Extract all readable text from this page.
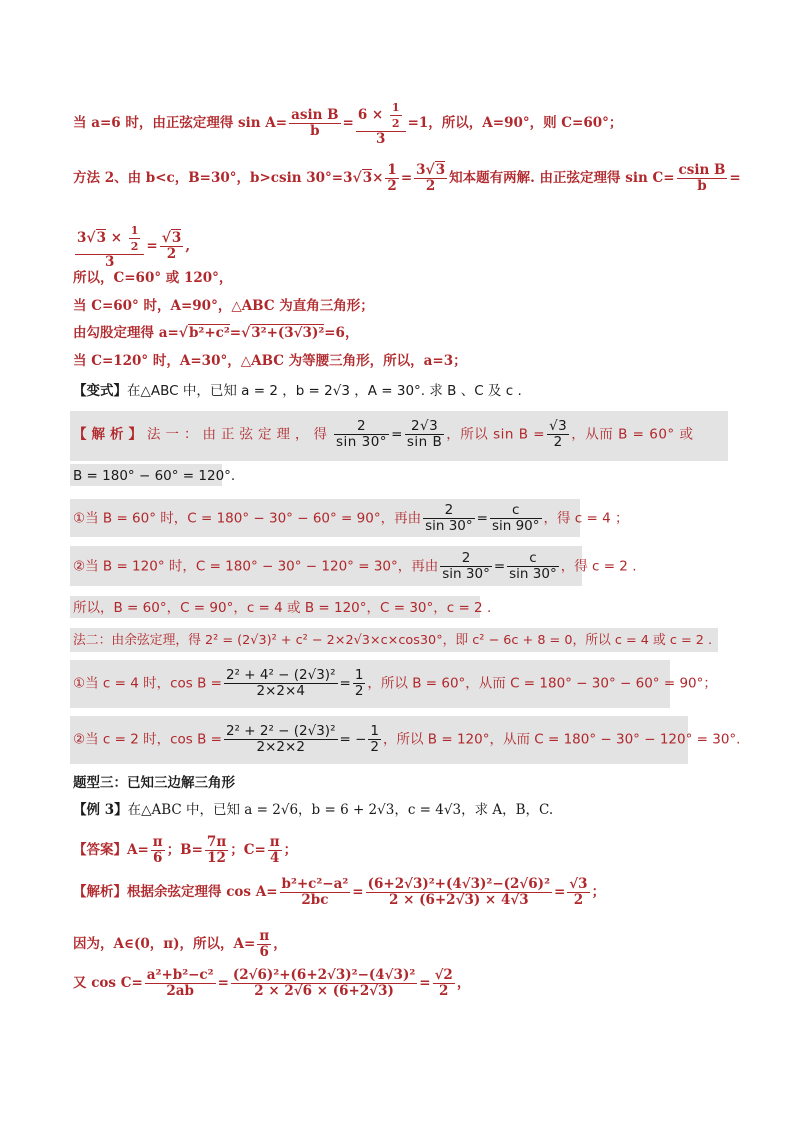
当 a=6 时，由正弦定理得 $\sin A= \frac{\text{asin B}}{b} = \frac{6 \times \frac{1}{2}}{3} =1$，所以，A=90°，则 C=60°；
方法 2、由 b<c，B=30°，b>csin $30^\circ=3√3\times \frac{1}{2} = \frac{3√3}{2}$ 知本题有两解. 由正弦定理得 $\sin C= \frac{\text{csin B}}{b}$ =
$\frac{3√3 \times \frac{1}{2}}{3} = \frac{√3}{2}$ ,
所以，C=60° 或 120°，
当 C=60° 时，A=90°，△ABC 为直角三角形；
由勾股定理得 a=√b²+c²=√3²+(3√3)²=6，
当 C=120° 时，A=30°，△ABC 为等腰三角形，所以，a=3；
【变式】在△ABC 中，已知 a = 2 ，b = 2√3 ，A = 30°. 求 B 、C 及 c .
【解析】法一：由正弦定理，得 $\frac{2}{\sin 30^\circ} = \frac{2√3}{\text{sin B}}$ ，所以 $\sin B = \frac{√3}{2}$ ，从而 B = 60° 或
B = 180° − 60° = 120°.
①当 B = 60° 时，C = 180° − 30° − 60° = 90°，再由 $\frac{2}{\sin 30^\circ} = \frac{c}{\sin 90^\circ}$ ，得 c = 4 ；
②当 B = 120° 时，C = 180° − 30° − 120° = 30°，再由 $\frac{2}{\sin 30^\circ} = \frac{c}{\sin 30^\circ}$ ，得 c = 2 .
所以，B = 60°，C = 90°，c = 4 或 B = 120°，C = 30°，c = 2 .
法二：由余弦定理，得 2² = (2√3)² + c² − 2×2√3×c×cos30°，即 c² − 6c + 8 = 0，所以 c = 4 或 c = 2 .
①当 c = 4 时，$\cos B = \frac{\text{2² + 4² − (2√3)²}}{2\times 2\times 4} = \frac{1}{2}$ ，所以 B = 60°，从而 C = 180° − 30° − 60° = 90°；
②当 c = 2 时，$\cos B = \frac{\text{2² + 2² − (2√3)²}}{2\times 2\times 2}$ = − $\frac{1}{2}$ ，所以 B = 120°，从而 C = 180° − 30° − 120° = 30°.
题型三：已知三边解三角形
【例 3】在△ABC 中，已知 a = 2√6，b = 6 + 2√3，c = 4√3，求 A，B，C.
【答案】$A= \frac{\pi}{6}$ ；$B= \frac{7\pi}{12}$ ；$C= \frac{\pi}{4}$ ；
【解析】根据余弦定理得 $\cos A= \frac{\text{b²+c²−a²}}{2bc} = \frac{\text{(6+2√3)²+(4√3)²−(2√6)²}}{2 \times (6+2√3) \times 4√3} = \frac{√3}{2}$ ；
因为，A∈(0，π)，所以，$A= \frac{\pi}{6}$ ，
又 $\cos C= \frac{\text{a²+b²−c²}}{2ab} = \frac{\text{(2√6)²+(6+2√3)²−(4√3)²}}{2 \times 2√6 \times (6+2√3)} = \frac{√2}{2}$ ，
